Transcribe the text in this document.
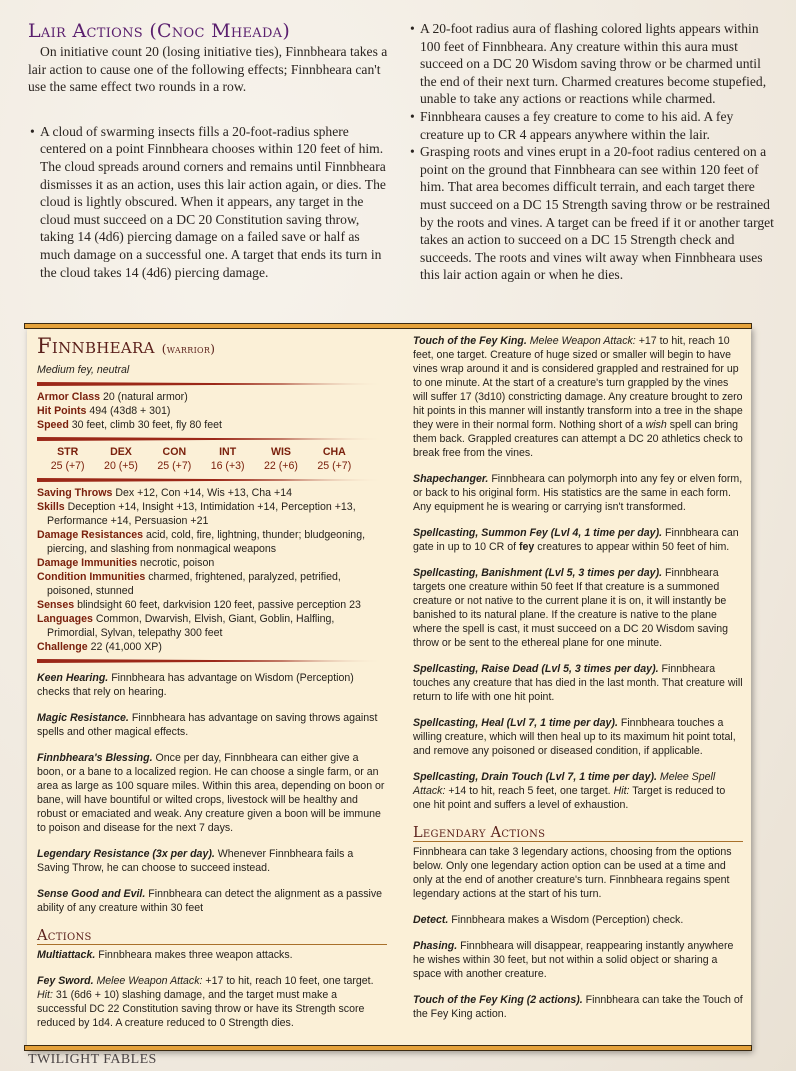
Lair Actions (Cnoc Mheada)

On initiative count 20 (losing initiative ties), Finnbheara takes a lair action to cause one of the following effects; Finnbheara can't use the same effect two rounds in a row.

• A cloud of swarming insects fills a 20-foot-radius sphere centered on a point Finnbheara chooses within 120 feet of him. The cloud spreads around corners and remains until Finnbheara dismisses it as an action, uses this lair action again, or dies. The cloud is lightly obscured. When it appears, any target in the cloud must succeed on a DC 20 Constitution saving throw, taking 14 (4d6) piercing damage on a failed save or half as much damage on a successful one. A target that ends its turn in the cloud takes 14 (4d6) piercing damage.
• A 20-foot radius aura of flashing colored lights appears within 100 feet of Finnbheara. Any creature within this aura must succeed on a DC 20 Wisdom saving throw or be charmed until the end of their next turn. Charmed creatures become stupefied, unable to take any actions or reactions while charmed.
• Finnbheara causes a fey creature to come to his aid. A fey creature up to CR 4 appears anywhere within the lair.
• Grasping roots and vines erupt in a 20-foot radius centered on a point on the ground that Finnbheara can see within 120 feet of him. That area becomes difficult terrain, and each target there must succeed on a DC 15 Strength saving throw or be restrained by the roots and vines. A target can be freed if it or another target takes an action to succeed on a DC 15 Strength check and succeeds. The roots and vines wilt away when Finnbheara uses this lair action again or when he dies.
Finnbheara (warrior)
Medium fey, neutral
Armor Class 20 (natural armor)
Hit Points 494 (43d8 + 301)
Speed 30 feet, climb 30 feet, fly 80 feet
STR
25 (+7)
DEX
20 (+5)
CON
25 (+7)
INT
16 (+3)
WIS
22 (+6)
CHA
25 (+7)
Saving Throws Dex +12, Con +14, Wis +13, Cha +14
Skills Deception +14, Insight +13, Intimidation +14, Perception +13, Performance +14, Persuasion +21
Damage Resistances acid, cold, fire, lightning, thunder; bludgeoning, piercing, and slashing from nonmagical weapons
Damage Immunities necrotic, poison
Condition Immunities charmed, frightened, paralyzed, petrified, poisoned, stunned
Senses blindsight 60 feet, darkvision 120 feet, passive perception 23
Languages Common, Dwarvish, Elvish, Giant, Goblin, Halfling, Primordial, Sylvan, telepathy 300 feet
Challenge 22 (41,000 XP)

Keen Hearing. Finnbheara has advantage on Wisdom (Perception) checks that rely on hearing.

Magic Resistance. Finnbheara has advantage on saving throws against spells and other magical effects.

Finnbheara's Blessing. Once per day, Finnbheara can either give a boon, or a bane to a localized region. He can choose a single farm, or an area as large as 100 square miles. Within this area, depending on boon or bane, will have bountiful or wilted crops, livestock will be healthy and robust or emaciated and weak. Any creature given a boon will be immune to poison and disease for the next 7 days.

Legendary Resistance (3x per day). Whenever Finnbheara fails a Saving Throw, he can choose to succeed instead.

Sense Good and Evil. Finnbheara can detect the alignment as a passive ability of any creature within 30 feet

Actions

Multiattack. Finnbheara makes three weapon attacks.

Fey Sword. Melee Weapon Attack: +17 to hit, reach 10 feet, one target. Hit: 31 (6d6 + 10) slashing damage, and the target must make a successful DC 22 Constitution saving throw or have its Strength score reduced by 1d4. A creature reduced to 0 Strength dies.

Touch of the Fey King. Melee Weapon Attack: +17 to hit, reach 10 feet, one target. Creature of huge sized or smaller will begin to have vines wrap around it and is considered grappled and restrained for up to one minute. At the start of a creature's turn grappled by the vines will suffer 17 (3d10) constricting damage. Any creature brought to zero hit points in this manner will instantly transform into a tree in the shape they were in their normal form. Nothing short of a wish spell can bring them back. Grappled creatures can attempt a DC 20 athletics check to break free from the vines.

Shapechanger. Finnbheara can polymorph into any fey or elven form, or back to his original form. His statistics are the same in each form. Any equipment he is wearing or carrying isn't transformed.

Spellcasting, Summon Fey (Lvl 4, 1 time per day). Finnbheara can gate in up to 10 CR of fey creatures to appear within 50 feet of him.

Spellcasting, Banishment (Lvl 5, 3 times per day). Finnbheara targets one creature within 50 feet If that creature is a summoned creature or not native to the current plane it is on, it will instantly be banished to its natural plane. If the creature is native to the plane where the spell is cast, it must succeed on a DC 20 Wisdom saving throw or be sent to the ethereal plane for one minute.

Spellcasting, Raise Dead (Lvl 5, 3 times per day). Finnbheara touches any creature that has died in the last month. That creature will return to life with one hit point.

Spellcasting, Heal (Lvl 7, 1 time per day). Finnbheara touches a willing creature, which will then heal up to its maximum hit point total, and remove any poisoned or diseased condition, if applicable.

Spellcasting, Drain Touch (Lvl 7, 1 time per day). Melee Spell Attack: +14 to hit, reach 5 feet, one target. Hit: Target is reduced to one hit point and suffers a level of exhaustion.

Legendary Actions

Finnbheara can take 3 legendary actions, choosing from the options below. Only one legendary action option can be used at a time and only at the end of another creature's turn. Finnbheara regains spent legendary actions at the start of his turn.

Detect. Finnbheara makes a Wisdom (Perception) check.

Phasing. Finnbheara will disappear, reappearing instantly anywhere he wishes within 30 feet, but not within a solid object or sharing a space with another creature.

Touch of the Fey King (2 actions). Finnbheara can take the Touch of the Fey King action.

TWILIGHT FABLES
